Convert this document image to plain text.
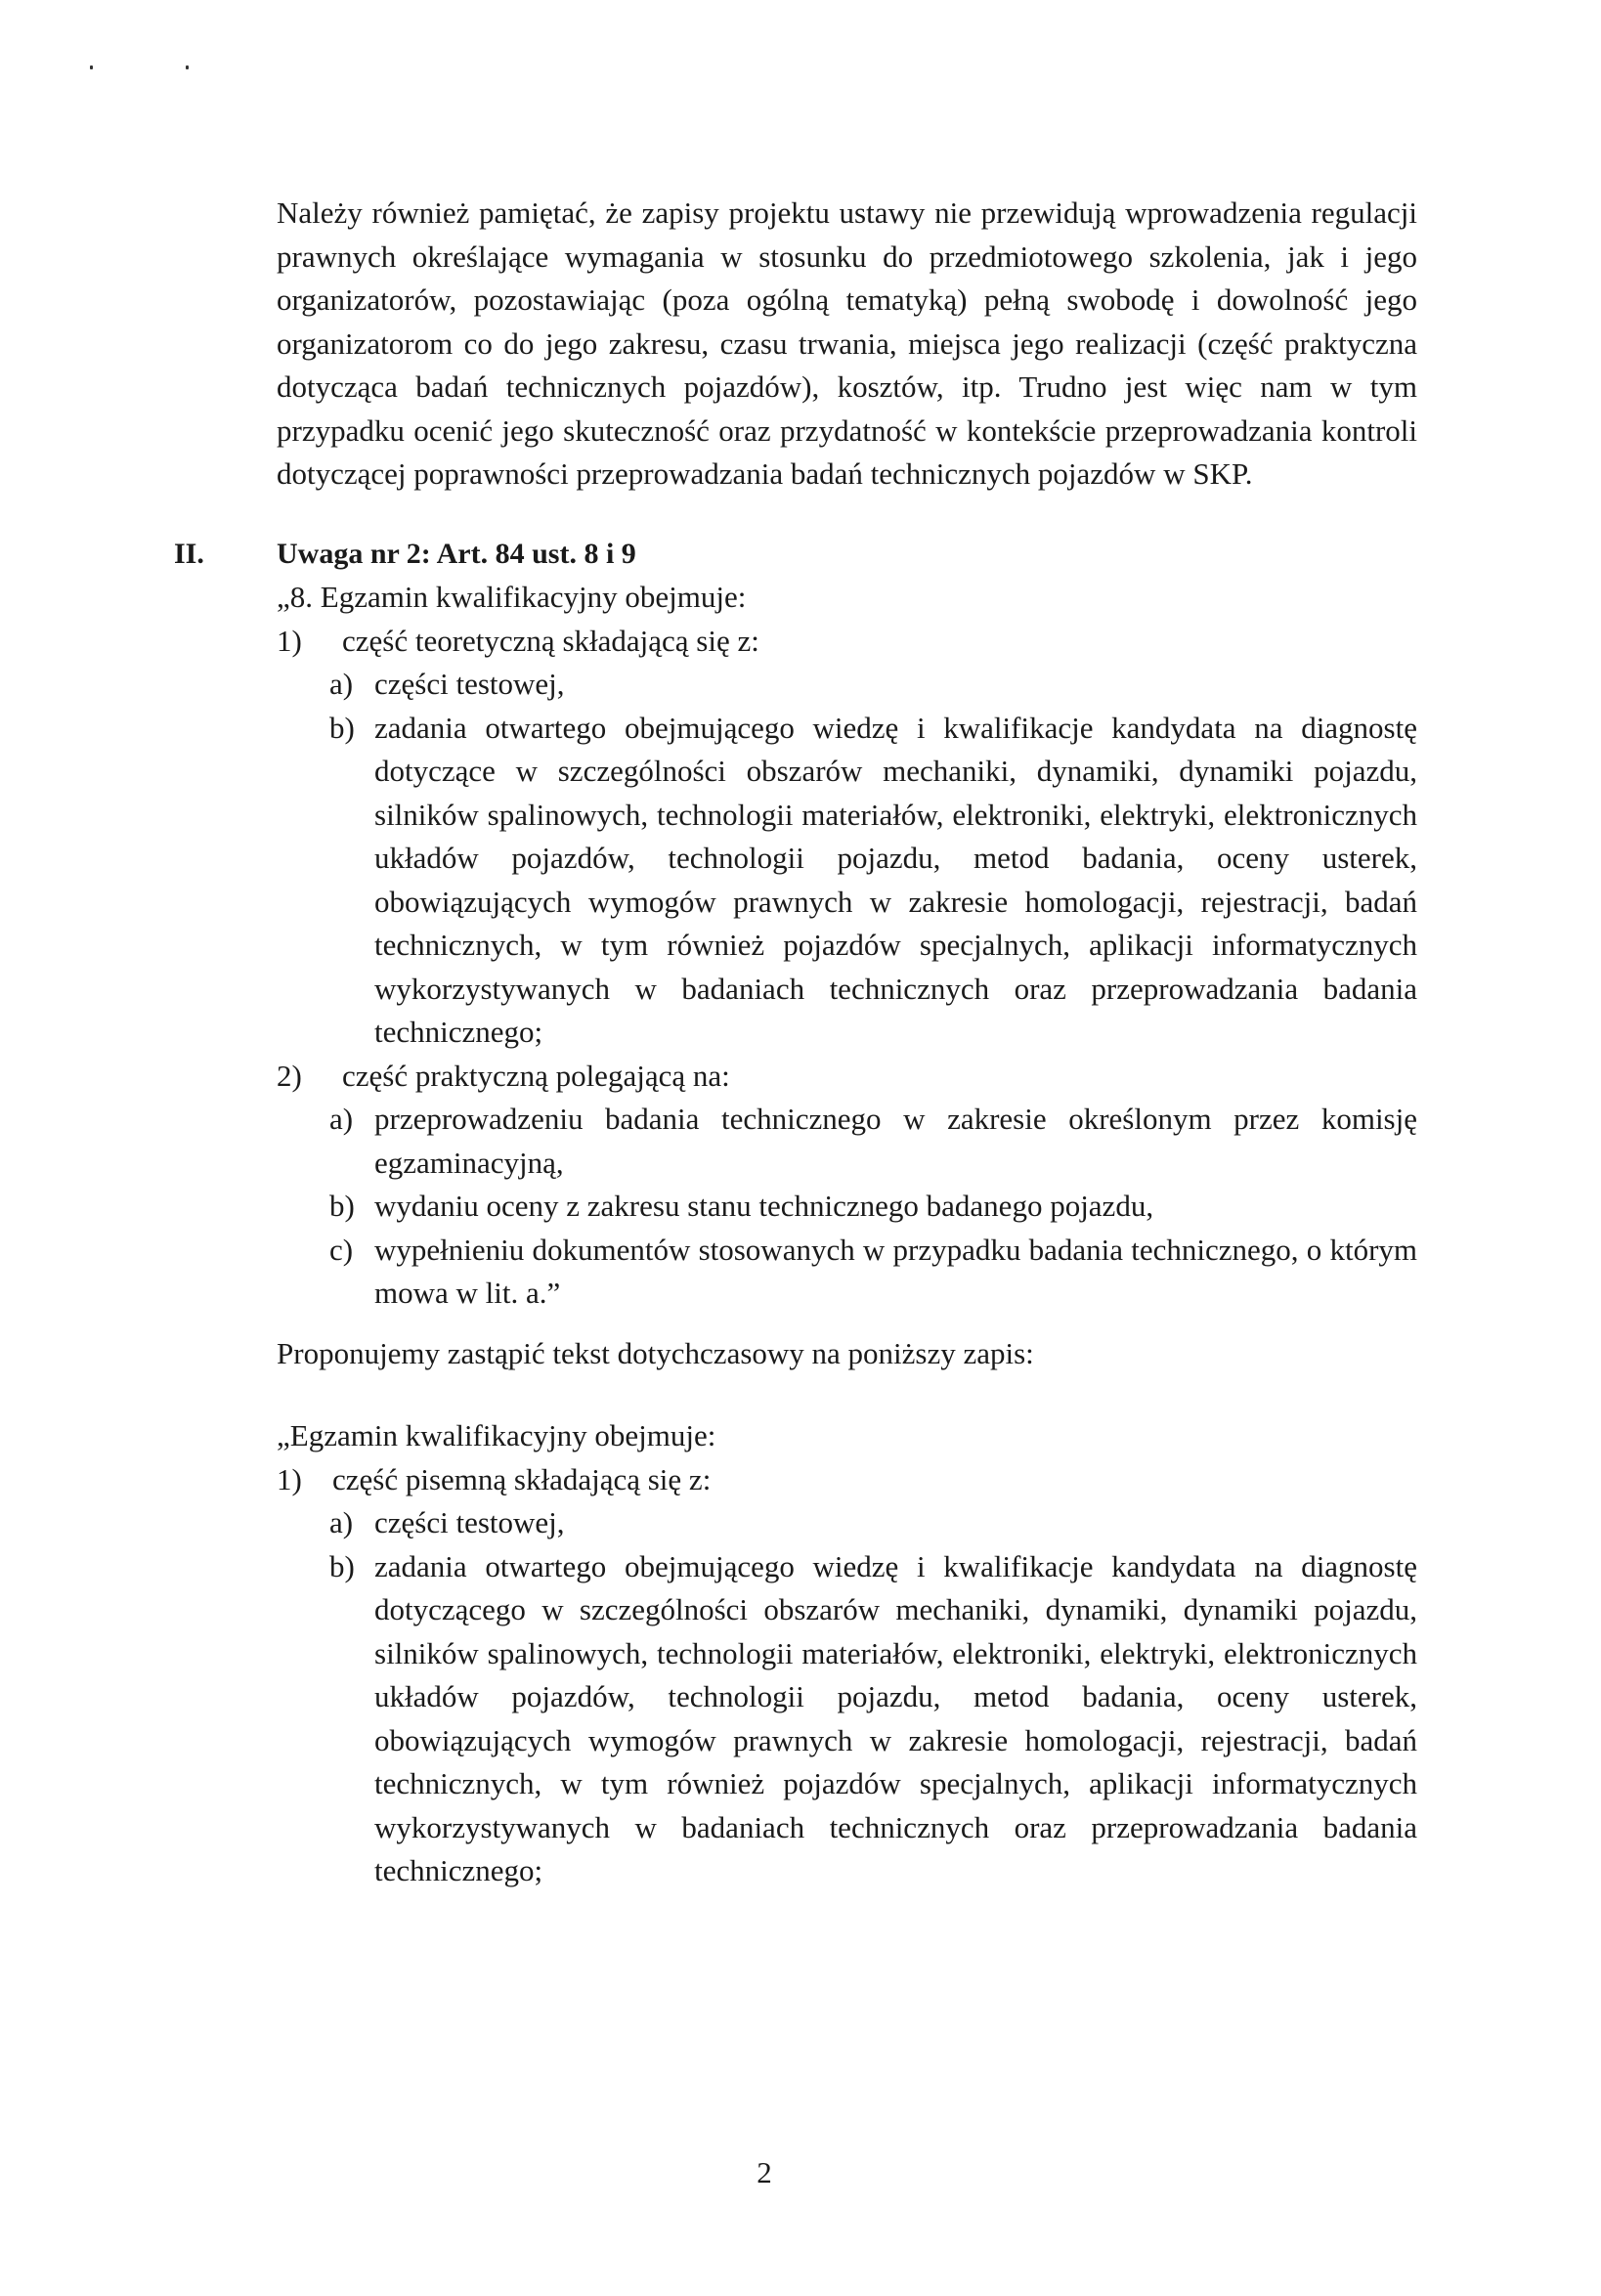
Należy również pamiętać, że zapisy projektu ustawy nie przewidują wprowadzenia regulacji prawnych określające wymagania w stosunku do przedmiotowego szkolenia, jak i jego organizatorów, pozostawiając (poza ogólną tematyką) pełną swobodę i dowolność jego organizatorom co do jego zakresu, czasu trwania, miejsca jego realizacji (część praktyczna dotycząca badań technicznych pojazdów), kosztów, itp. Trudno jest więc nam w tym przypadku ocenić jego skuteczność oraz przydatność w kontekście przeprowadzania kontroli dotyczącej poprawności przeprowadzania badań technicznych pojazdów w SKP.

II. Uwaga nr 2: Art. 84 ust. 8 i 9

„8. Egzamin kwalifikacyjny obejmuje:

1) część teoretyczną składającą się z:
a) części testowej,
b) zadania otwartego obejmującego wiedzę i kwalifikacje kandydata na diagnostę dotyczące w szczególności obszarów mechaniki, dynamiki, dynamiki pojazdu, silników spalinowych, technologii materiałów, elektroniki, elektryki, elektronicznych układów pojazdów, technologii pojazdu, metod badania, oceny usterek, obowiązujących wymogów prawnych w zakresie homologacji, rejestracji, badań technicznych, w tym również pojazdów specjalnych, aplikacji informatycznych wykorzystywanych w badaniach technicznych oraz przeprowadzania badania technicznego;
2) część praktyczną polegającą na:
a) przeprowadzeniu badania technicznego w zakresie określonym przez komisję egzaminacyjną,
b) wydaniu oceny z zakresu stanu technicznego badanego pojazdu,
c) wypełnieniu dokumentów stosowanych w przypadku badania technicznego, o którym mowa w lit. a.”

Proponujemy zastąpić tekst dotychczasowy na poniższy zapis:

„Egzamin kwalifikacyjny obejmuje:

1) część pisemną składającą się z:
a) części testowej,
b) zadania otwartego obejmującego wiedzę i kwalifikacje kandydata na diagnostę dotyczącego w szczególności obszarów mechaniki, dynamiki, dynamiki pojazdu, silników spalinowych, technologii materiałów, elektroniki, elektryki, elektronicznych układów pojazdów, technologii pojazdu, metod badania, oceny usterek, obowiązujących wymogów prawnych w zakresie homologacji, rejestracji, badań technicznych, w tym również pojazdów specjalnych, aplikacji informatycznych wykorzystywanych w badaniach technicznych oraz przeprowadzania badania technicznego;
2
